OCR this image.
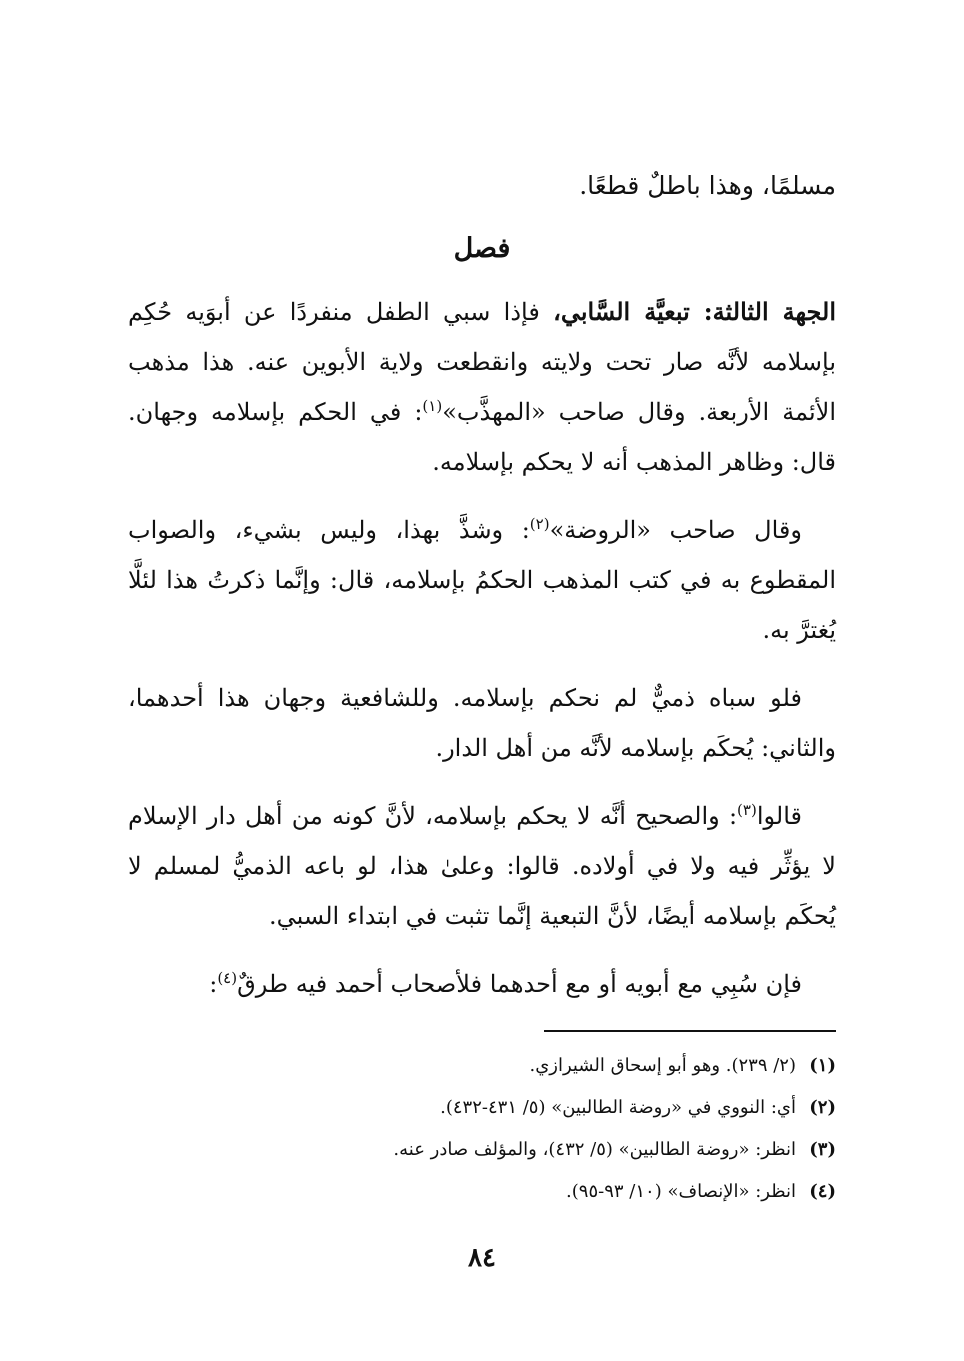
مسلمًا، وهذا باطلٌ قطعًا.

فصل

الجهة الثالثة: تبعيَّة السَّابي، فإذا سبي الطفل منفردًا عن أبوَيه حُكِم بإسلامه لأنَّه صار تحت ولايته وانقطعت ولاية الأبوين عنه. هذا مذهب الأئمة الأربعة. وقال صاحب «المهذَّب»$^{(١)}$: في الحكم بإسلامه وجهان. قال: وظاهر المذهب أنه لا يحكم بإسلامه.

وقال صاحب «الروضة»$^{(٢)}$: وشذَّ بهذا، وليس بشيء، والصواب المقطوع به في كتب المذهب الحكمُ بإسلامه، قال: وإنَّما ذكرتُ هذا لئلَّا يُغترَّ به.

فلو سباه ذميٌّ لم نحكم بإسلامه. وللشافعية وجهان هذا أحدهما، والثاني: يُحكَم بإسلامه لأنَّه من أهل الدار.

قالوا$^{(٣)}$: والصحيح أنَّه لا يحكم بإسلامه، لأنَّ كونه من أهل دار الإسلام لا يؤثِّر فيه ولا في أولاده. قالوا: وعلىٰ هذا، لو باعه الذميُّ لمسلم لا يُحكَم بإسلامه أيضًا، لأنَّ التبعية إنَّما تثبت في ابتداء السبي.

فإن سُبِي مع أبويه أو مع أحدهما فلأصحاب أحمد فيه طرقٌ$^{(٤)}$:

(١)
(٢/ ٢٣٩). وهو أبو إسحاق الشيرازي.
(٢)
أي: النووي في «روضة الطالبين» (٥/ ٤٣١-٤٣٢).
(٣)
انظر: «روضة الطالبين» (٥/ ٤٣٢)، والمؤلف صادر عنه.
(٤)
انظر: «الإنصاف» (١٠/ ٩٣-٩٥).
٨٤
